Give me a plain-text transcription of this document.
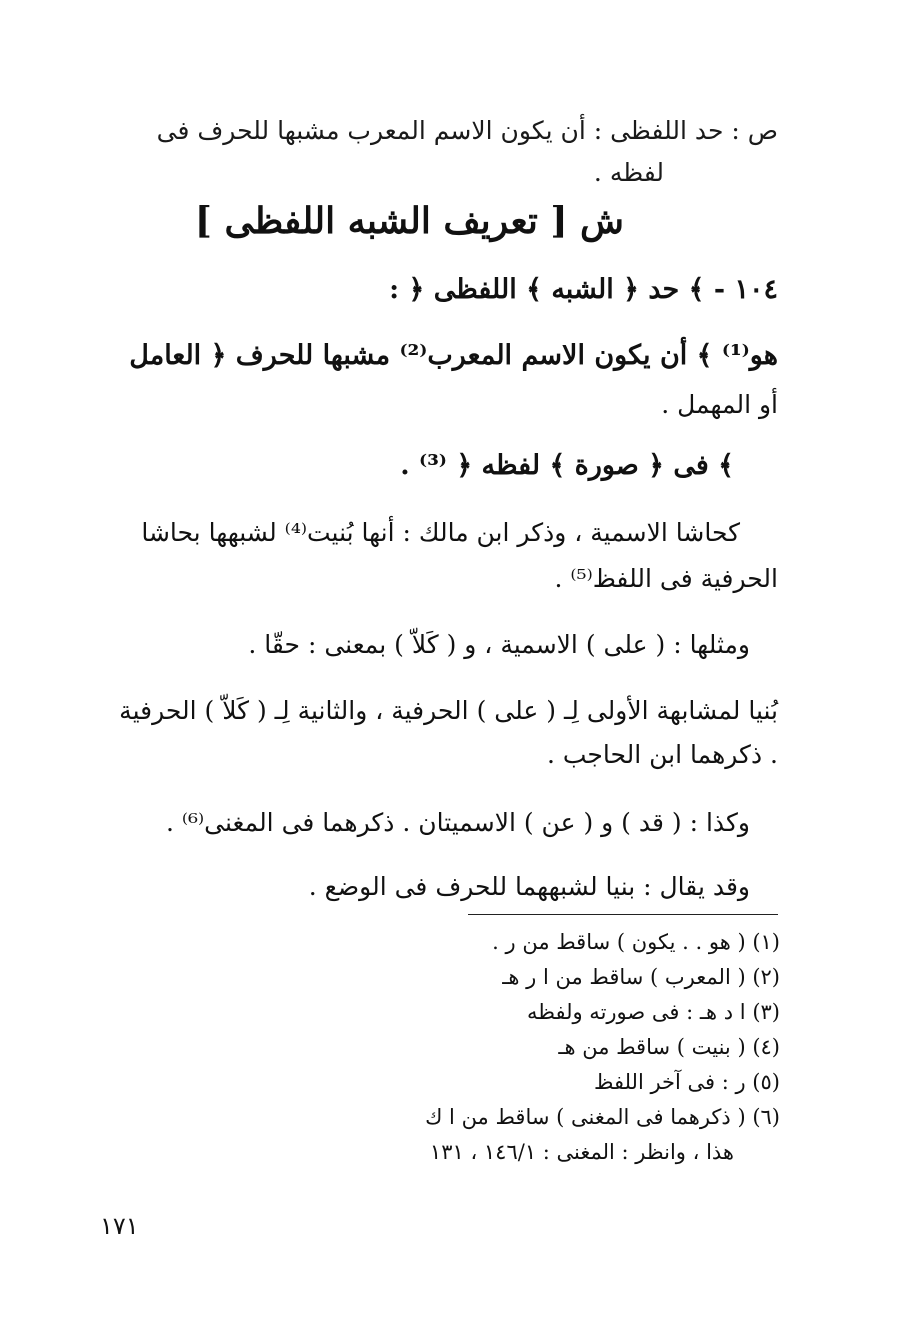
ص : حد اللفظى : أن يكون الاسم المعرب مشبها للحرف فى
لفظه .
ش [ تعريف الشبه اللفظى ]
١٠٤ - ﴾ حد ﴿ الشبه ﴾ اللفظى ﴿ :
هو⁽¹⁾ ﴾ أن يكون الاسم المعرب⁽²⁾ مشبها للحرف ﴿ العامل
أو المهمل .
﴾ فى ﴿ صورة ﴾ لفظه ﴿ ⁽³⁾ .
كحاشا الاسمية ، وذكر ابن مالك : أنها بُنيت⁽⁴⁾ لشبهها بحاشا
الحرفية فى اللفظ⁽⁵⁾ .
ومثلها : ( على ) الاسمية ، و ( كَلاّ ) بمعنى : حقّا .
بُنيا لمشابهة الأولى لِـ ( على ) الحرفية ، والثانية لِـ ( كَلاّ ) الحرفية
. ذكرهما ابن الحاجب .
وكذا : ( قد ) و ( عن ) الاسميتان . ذكرهما فى المغنى⁽⁶⁾ .
وقد يقال : بنيا لشبههما للحرف فى الوضع .
(١) ( هو . . يكون ) ساقط من ر .
(٢) ( المعرب ) ساقط من ا ر هـ
(٣) ا د هـ : فى صورته ولفظه
(٤) ( بنيت ) ساقط من هـ
(٥) ر : فى آخر اللفظ
(٦) ( ذكرهما فى المغنى ) ساقط من ا ك
هذا ، وانظر : المغنى : ١٤٦/١ ، ١٣١
١٧١
